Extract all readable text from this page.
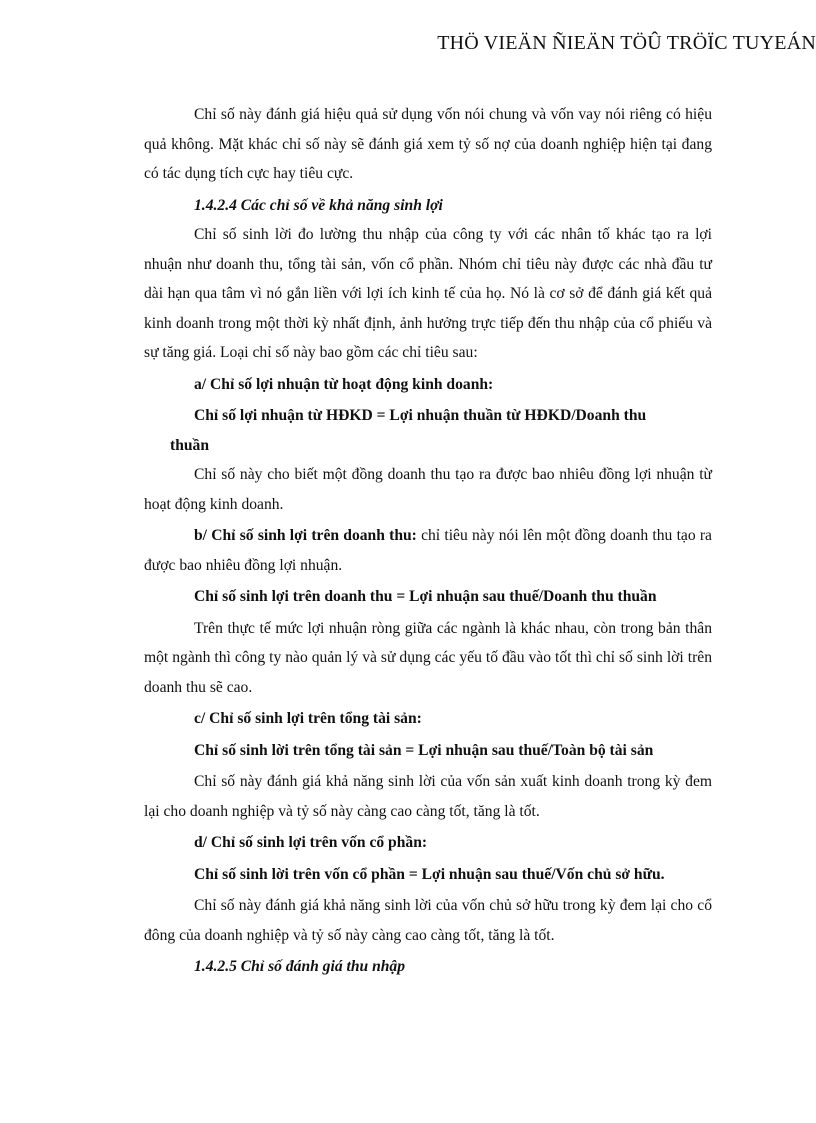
THÖ VIEÄN ÑIEÄN TÖÛ TRÖÏC TUYEÁN

Chỉ số này đánh giá hiệu quả sử dụng vốn nói chung và vốn vay nói riêng có hiệu quả không. Mặt khác chỉ số này sẽ đánh giá xem tỷ số nợ của doanh nghiệp hiện tại đang có tác dụng tích cực hay tiêu cực.

1.4.2.4 Các chỉ số về khả năng sinh lợi

Chỉ số sinh lời đo lường thu nhập của công ty với các nhân tố khác tạo ra lợi nhuận như doanh thu, tổng tài sản, vốn cổ phần. Nhóm chỉ tiêu này được các nhà đầu tư dài hạn qua tâm vì nó gắn liền với lợi ích kinh tế của họ. Nó là cơ sở để đánh giá kết quả kinh doanh trong một thời kỳ nhất định, ảnh hưởng trực tiếp đến thu nhập của cổ phiếu và sự tăng giá. Loại chỉ số này bao gồm các chỉ tiêu sau:

a/ Chỉ số lợi nhuận từ hoạt động kinh doanh:

Chỉ số lợi nhuận từ HĐKD = Lợi nhuận thuần từ HĐKD/Doanh thu
thuần

Chỉ số này cho biết một đồng doanh thu tạo ra được bao nhiêu đồng lợi nhuận từ hoạt động kinh doanh.

b/ Chỉ số sinh lợi trên doanh thu: chỉ tiêu này nói lên một đồng doanh thu tạo ra được bao nhiêu đồng lợi nhuận.

Chỉ số sinh lợi trên doanh thu = Lợi nhuận sau thuế/Doanh thu thuần

Trên thực tế mức lợi nhuận ròng giữa các ngành là khác nhau, còn trong bản thân một ngành thì công ty nào quản lý và sử dụng các yếu tố đầu vào tốt thì chỉ số sinh lời trên doanh thu sẽ cao.

c/ Chỉ số sinh lợi trên tổng tài sản:

Chỉ số sinh lời trên tổng tài sản = Lợi nhuận sau thuế/Toàn bộ tài sản

Chỉ số này đánh giá khả năng sinh lời của vốn sản xuất kinh doanh trong kỳ đem lại cho doanh nghiệp và tỷ số này càng cao càng tốt, tăng là tốt.

d/ Chỉ số sinh lợi trên vốn cổ phần:

Chỉ số sinh lời trên vốn cổ phần = Lợi nhuận sau thuế/Vốn chủ sở hữu.

Chỉ số này đánh giá khả năng sinh lời của vốn chủ sở hữu trong kỳ đem lại cho cổ đông của doanh nghiệp và tỷ số này càng cao càng tốt, tăng là tốt.

1.4.2.5 Chỉ số đánh giá thu nhập
